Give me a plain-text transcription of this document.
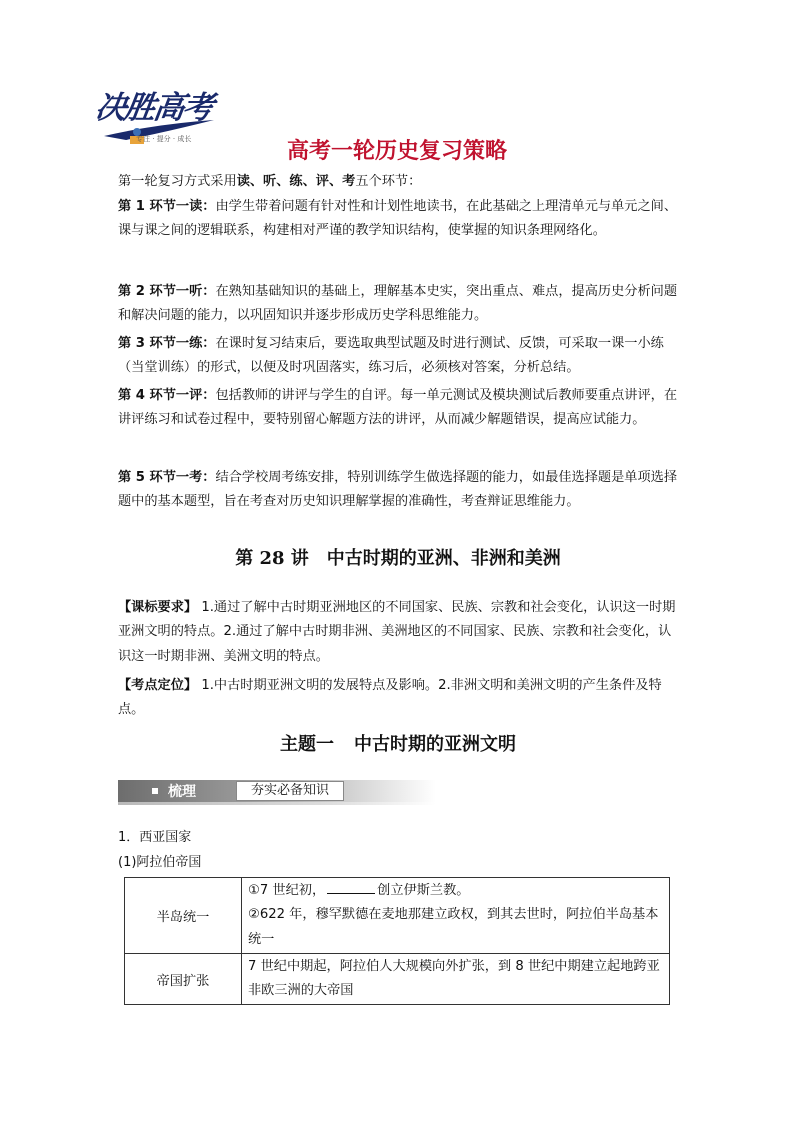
决胜高考
专注 · 提分 · 成长	高考一轮历史复习策略
第一轮复习方式采用读、听、练、评、考五个环节：
第 1 环节一读：由学生带着问题有针对性和计划性地读书，在此基础之上理清单元与单元之间、课与课之间的逻辑联系，构建相对严谨的教学知识结构，使掌握的知识条理网络化。
第 2 环节一听：在熟知基础知识的基础上，理解基本史实，突出重点、难点，提高历史分析问题和解决问题的能力，以巩固知识并逐步形成历史学科思维能力。
第 3 环节一练：在课时复习结束后，要选取典型试题及时进行测试、反馈，可采取一课一小练（当堂训练）的形式，以便及时巩固落实，练习后，必须核对答案，分析总结。
第 4 环节一评：包括教师的讲评与学生的自评。每一单元测试及模块测试后教师要重点讲评，在讲评练习和试卷过程中，要特别留心解题方法的讲评，从而减少解题错误，提高应试能力。
第 5 环节一考：结合学校周考练安排，特别训练学生做选择题的能力，如最佳选择题是单项选择题中的基本题型，旨在考查对历史知识理解掌握的准确性，考查辩证思维能力。
第 28 讲 中古时期的亚洲、非洲和美洲
【课标要求】 1.通过了解中古时期亚洲地区的不同国家、民族、宗教和社会变化，认识这一时期亚洲文明的特点。2.通过了解中古时期非洲、美洲地区的不同国家、民族、宗教和社会变化，认识这一时期非洲、美洲文明的特点。
【考点定位】 1.中古时期亚洲文明的发展特点及影响。2.非洲文明和美洲文明的产生条件及特点。
主题一 中古时期的亚洲文明
梳理	夯实必备知识
1．西亚国家
(1)阿拉伯帝国
半岛统一	①7 世纪初， 创立伊斯兰教。
②622 年，穆罕默德在麦地那建立政权，到其去世时，阿拉伯半岛基本统一
帝国扩张	7 世纪中期起，阿拉伯人大规模向外扩张，到 8 世纪中期建立起地跨亚非欧三洲的大帝国
